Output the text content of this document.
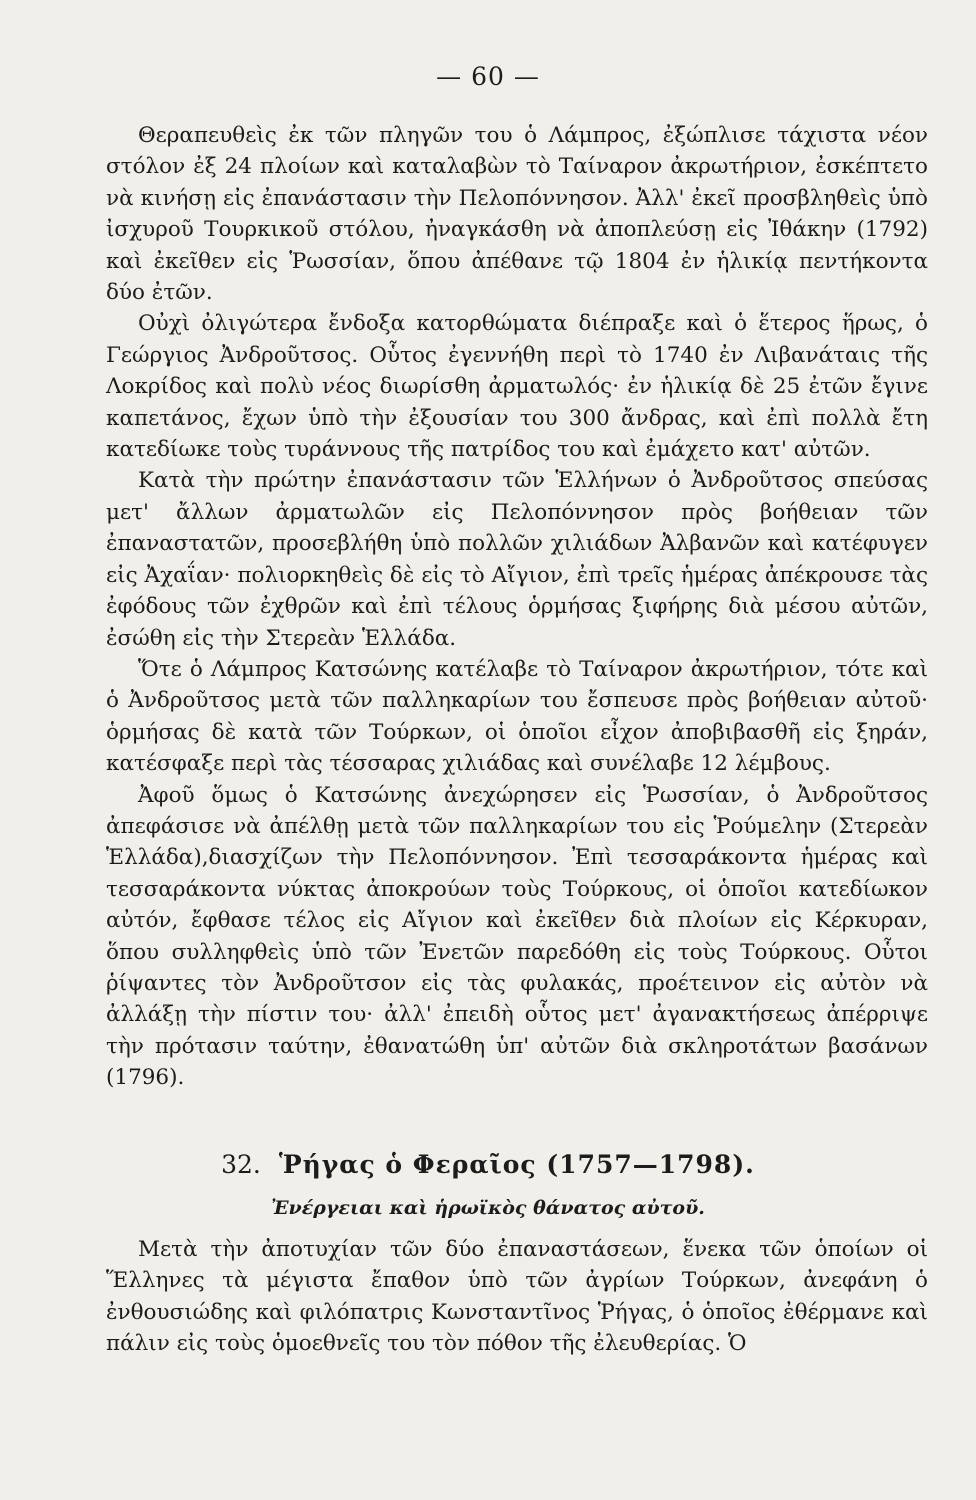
— 60 —

Θεραπευθεὶς ἐκ τῶν πληγῶν του ὁ Λάμπρος, ἐξώπλισε τάχιστα νέον στόλον ἐξ 24 πλοίων καὶ καταλαβὼν τὸ Ταίναρον ἀκρωτήριον, ἐσκέπτετο νὰ κινήσῃ εἰς ἐπανάστασιν τὴν Πελοπόννησον. Ἀλλ' ἐκεῖ προσβληθεὶς ὑπὸ ἰσχυροῦ Τουρκικοῦ στόλου, ἠναγκάσθη νὰ ἀποπλεύσῃ εἰς Ἰθάκην (1792) καὶ ἐκεῖθεν εἰς Ῥωσσίαν, ὅπου ἀπέθανε τῷ 1804 ἐν ἡλικίᾳ πεντήκοντα δύο ἐτῶν.

Οὐχὶ ὀλιγώτερα ἔνδοξα κατορθώματα διέπραξε καὶ ὁ ἕτερος ἥρως, ὁ Γεώργιος Ἀνδροῦτσος. Οὗτος ἐγεννήθη περὶ τὸ 1740 ἐν Λιβανάταις τῆς Λοκρίδος καὶ πολὺ νέος διωρίσθη ἀρματωλός· ἐν ἡλικίᾳ δὲ 25 ἐτῶν ἔγινε καπετάνος, ἔχων ὑπὸ τὴν ἐξουσίαν του 300 ἄνδρας, καὶ ἐπὶ πολλὰ ἔτη κατεδίωκε τοὺς τυράννους τῆς πατρίδος του καὶ ἐμάχετο κατ' αὐτῶν.

Κατὰ τὴν πρώτην ἐπανάστασιν τῶν Ἑλλήνων ὁ Ἀνδροῦτσος σπεύσας μετ' ἄλλων ἀρματωλῶν εἰς Πελοπόννησον πρὸς βοήθειαν τῶν ἐπαναστατῶν, προσεβλήθη ὑπὸ πολλῶν χιλιάδων Ἀλβανῶν καὶ κατέφυγεν εἰς Ἀχαΐαν· πολιορκηθεὶς δὲ εἰς τὸ Αἴγιον, ἐπὶ τρεῖς ἡμέρας ἀπέκρουσε τὰς ἐφόδους τῶν ἐχθρῶν καὶ ἐπὶ τέλους ὁρμήσας ξιφήρης διὰ μέσου αὐτῶν, ἐσώθη εἰς τὴν Στερεὰν Ἑλλάδα.

Ὅτε ὁ Λάμπρος Κατσώνης κατέλαβε τὸ Ταίναρον ἀκρωτήριον, τότε καὶ ὁ Ἀνδροῦτσος μετὰ τῶν παλληκαρίων του ἔσπευσε πρὸς βοήθειαν αὐτοῦ· ὁρμήσας δὲ κατὰ τῶν Τούρκων, οἱ ὁποῖοι εἶχον ἀποβιβασθῆ εἰς ξηράν, κατέσφαξε περὶ τὰς τέσσαρας χιλιάδας καὶ συνέλαβε 12 λέμβους.

Ἀφοῦ ὅμως ὁ Κατσώνης ἀνεχώρησεν εἰς Ῥωσσίαν, ὁ Ἀνδροῦτσος ἀπεφάσισε νὰ ἀπέλθῃ μετὰ τῶν παλληκαρίων του εἰς Ῥούμελην (Στερεὰν Ἑλλάδα),διασχίζων τὴν Πελοπόννησον. Ἐπὶ τεσσαράκοντα ἡμέρας καὶ τεσσαράκοντα νύκτας ἀποκρούων τοὺς Τούρκους, οἱ ὁποῖοι κατεδίωκον αὐτόν, ἔφθασε τέλος εἰς Αἴγιον καὶ ἐκεῖθεν διὰ πλοίων εἰς Κέρκυραν, ὅπου συλληφθεὶς ὑπὸ τῶν Ἐνετῶν παρεδόθη εἰς τοὺς Τούρκους. Οὗτοι ῥίψαντες τὸν Ἀνδροῦτσον εἰς τὰς φυλακάς, προέτεινον εἰς αὐτὸν νὰ ἀλλάξῃ τὴν πίστιν του· ἀλλ' ἐπειδὴ οὗτος μετ' ἀγανακτήσεως ἀπέρριψε τὴν πρότασιν ταύτην, ἐθανατώθη ὑπ' αὐτῶν διὰ σκληροτάτων βασάνων (1796).

32. Ῥήγας ὁ Φεραῖος (1757—1798).
Ἐνέργειαι καὶ ἡρωϊκὸς θάνατος αὐτοῦ.

Μετὰ τὴν ἀποτυχίαν τῶν δύο ἐπαναστάσεων, ἕνεκα τῶν ὁποίων οἱ Ἕλληνες τὰ μέγιστα ἔπαθον ὑπὸ τῶν ἀγρίων Τούρκων, ἀνεφάνη ὁ ἐνθουσιώδης καὶ φιλόπατρις Κωνσταντῖνος Ῥήγας, ὁ ὁποῖος ἐθέρμανε καὶ πάλιν εἰς τοὺς ὁμοεθνεῖς του τὸν πόθον τῆς ἐλευθερίας. Ὁ
